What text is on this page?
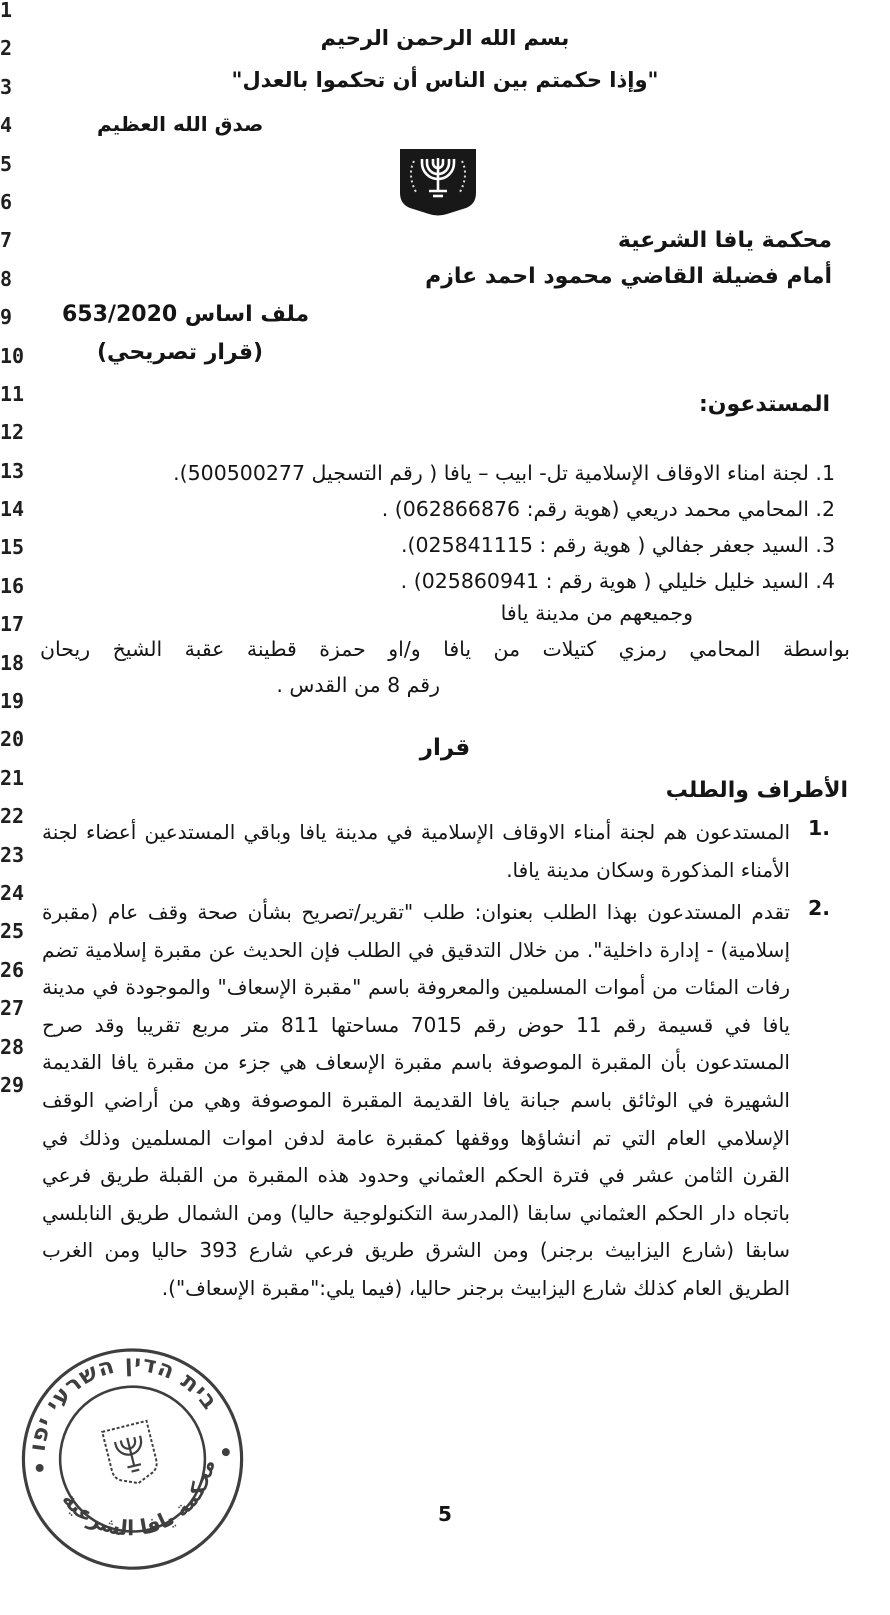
بسم الله الرحمن الرحيم
"وإذا حكمتم بين الناس أن تحكموا بالعدل"
صدق الله العظيم
محكمة يافا الشرعية
أمام فضيلة القاضي محمود احمد عازم
ملف اساس 653/2020
(قرار تصريحي)
المستدعون:
1. لجنة امناء الاوقاف الإسلامية تل- ابيب – يافا ( رقم التسجيل 500500277).
2. المحامي محمد دريعي (هوية رقم: 062866876) .
3. السيد جعفر جفالي ( هوية رقم : 025841115).
4. السيد خليل خليلي ( هوية رقم : 025860941) .
وجميعهم من مدينة يافا
بواسطة المحامي رمزي كتيلات من يافا و/او حمزة قطينة عقبة الشيخ ريحان
رقم 8 من القدس .
قرار
الأطراف والطلب
1.
المستدعون هم لجنة أمناء الاوقاف الإسلامية في مدينة يافا وباقي المستدعين أعضاء لجنة الأمناء المذكورة وسكان مدينة يافا.
2.
تقدم المستدعون بهذا الطلب بعنوان: طلب "تقرير/تصريح بشأن صحة وقف عام (مقبرة إسلامية) - إدارة داخلية". من خلال التدقيق في الطلب فإن الحديث عن مقبرة إسلامية تضم رفات المئات من أموات المسلمين والمعروفة باسم "مقبرة الإسعاف" والموجودة في مدينة يافا في قسيمة رقم 11 حوض رقم 7015 مساحتها 811 متر مربع تقريبا وقد صرح المستدعون بأن المقبرة الموصوفة باسم مقبرة الإسعاف هي جزء من مقبرة يافا القديمة الشهيرة في الوثائق باسم جبانة يافا القديمة المقبرة الموصوفة وهي من أراضي الوقف الإسلامي العام التي تم انشاؤها ووقفها كمقبرة عامة لدفن اموات المسلمين وذلك في القرن الثامن عشر في فترة الحكم العثماني وحدود هذه المقبرة من القبلة طريق فرعي باتجاه دار الحكم العثماني سابقا (المدرسة التكنولوجية حاليا) ومن الشمال طريق النابلسي سابقا (شارع اليزابيث برجنر) ومن الشرق طريق فرعي شارع 393 حاليا ومن الغرب الطريق العام كذلك شارع اليزابيث برجنر حاليا، (فيما يلي:"مقبرة الإسعاف").
1
2
3
4
5
6
7
8
9
10
11
12
13
14
15
16
17
18
19
20
21
22
23
24
25
26
27
28
29
בית הדין השרעי יפו
محكمة يافا الشرعية
5
